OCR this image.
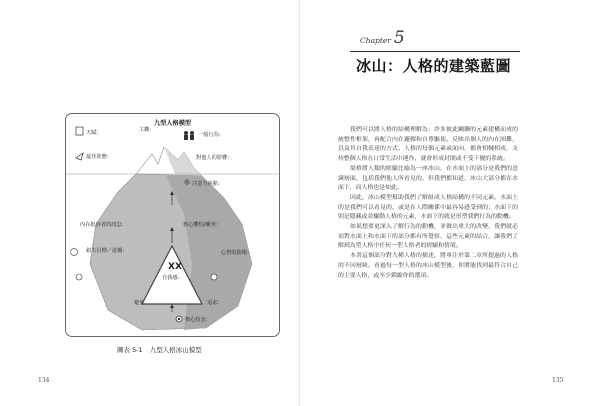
九型人格模型
主觀：
天賦：	一般行為：
最佳狀態：	對他人的影響：
注意力焦點：
內在批評者的訊息：	核心懼怕/衝突：
錯失目標／滋擾：	心智的防衛：
ⅩⅩ
自我感：
避免：	追求：
核心信念：
圖表 5-1 九型人格冰山模型
134
Chapter 5
冰山：人格的建築藍圖

我們可以將人格的結構理解為：許多彼此關聯的元素建構而成的統整性框架，再配合內在邏輯和自尊驅使。反映出個人的內在困難，以及其自我表達的方式。人格的每個元素或面向，都會相輔相成，支持整個人格在日常生活中運作，就會形成封閉或不受干擾的系統。

榮格將人類的經驗比喻為一座冰山，在水面上的部分是我們的意識層面，包括我們他人所看見的，但我們都知道，冰山大部分都在水面下，而人格也是如此。

因此，冰山模型幫助我們了解組成人格結構的不同元素。水面上的是我們可以看見的，或是在人際關係中最容易感受到的；水面下的則是隱藏或並驅動人格的元素，水面下的就是形塑我們行為的動機。

如果想要更深入了解行為的動機，並做出重大的改變，我們就必須對水面上和水面下的部分都有所覺察，這些元素的結合，讓我們了解到為型人格中任何一型人格者的經驗和情境。

本書這個部分對九種人格的描述，將專注於第二章所提過的人格的不同層級。看過每一型人格的冰山模型後，你將能找到最符合自己的主要人格，或至少鎖縮你的選項。

135
